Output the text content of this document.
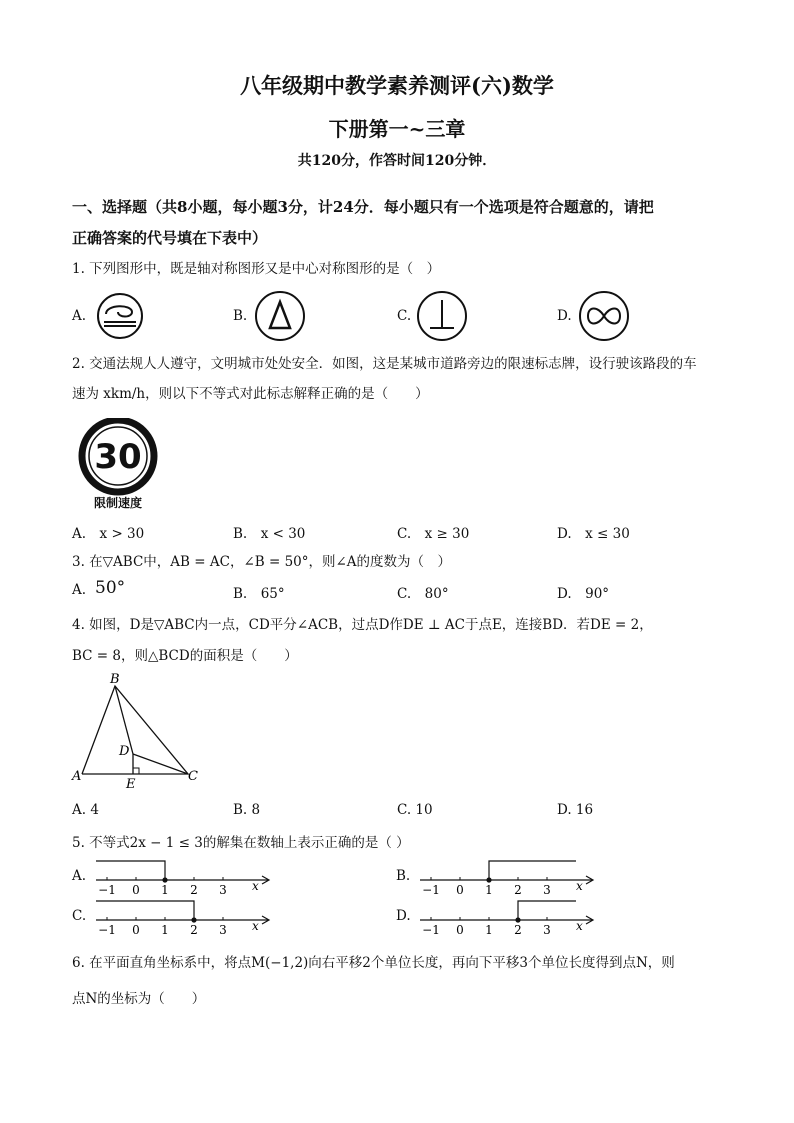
八年级期中教学素养测评(六)数学
下册第一~三章
共120分，作答时间120分钟．
一、选择题（共8小题，每小题3分，计24分．每小题只有一个选项是符合题意的，请把
正确答案的代号填在下表中）
1. 下列图形中，既是轴对称图形又是中心对称图形的是（　）
A.	B.	C.	D.
2. 交通法规人人遵守，文明城市处处安全．如图，这是某城市道路旁边的限速标志牌，设行驶该路段的车
速为 xkm/h，则以下不等式对此标志解释正确的是（　　）
30
限制速度
A.　x > 30	B.　x < 30	C.　x ≥ 30	D.　x ≤ 30
3. 在▽ABC中，AB = AC，∠B = 50°，则∠A的度数为（　）
A. 50°	B.　65°	C.　80°	D.　90°
4. 如图，D是▽ABC内一点，CD平分∠ACB，过点D作DE ⊥ AC于点E，连接BD．若DE = 2，
BC = 8，则△BCD的面积是（　　）
B
D
A
E
C
A. 4	B. 8	C. 10	D. 16
5. 不等式2x − 1 ≤ 3的解集在数轴上表示正确的是（ ）
A.
−1 0 1 2 3 x
B.
−1 0 1 2 3 x
C.
−1 0 1 2 3 x
D.
−1 0 1 2 3 x
6. 在平面直角坐标系中，将点M(−1,2)向右平移2个单位长度，再向下平移3个单位长度得到点N，则
点N的坐标为（　　）
